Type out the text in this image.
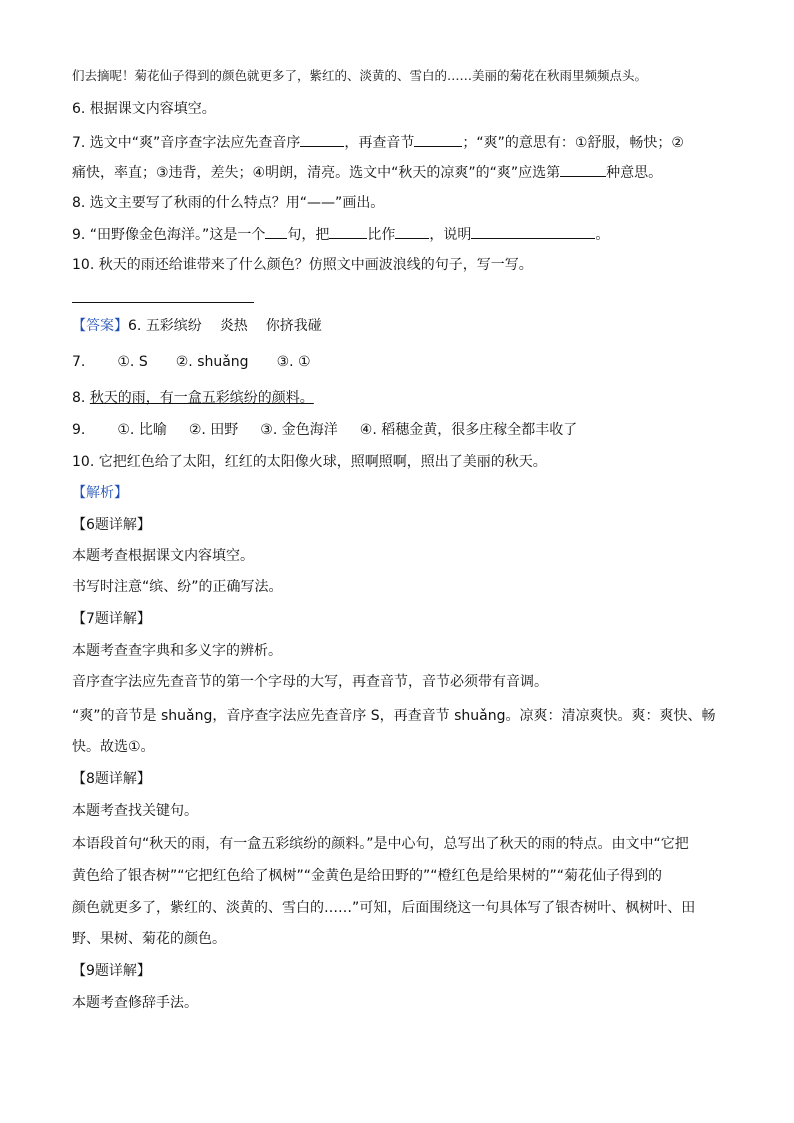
们去摘呢！菊花仙子得到的颜色就更多了，紫红的、淡黄的、雪白的……美丽的菊花在秋雨里频频点头。
6. 根据课文内容填空。
7. 选文中“爽”音序查字法应先查音序	，再查音节	；“爽”的意思有：①舒服，畅快；②
痛快，率直；③违背，差失；④明朗，清亮。选文中“秋天的凉爽”的“爽”应选第	种意思。
8. 选文主要写了秋雨的什么特点？用“——”画出。
9. “田野像金色海洋。”这是一个 句，把	比作 ，说明	。
10. 秋天的雨还给谁带来了什么颜色？仿照文中画波浪线的句子，写一写。
【答案】6. 五彩缤纷 炎热 你挤我碰
7. ①. S ②. shuǎng ③. ①
8. 秋天的雨，有一盒五彩缤纷的颜料。
9. ①. 比喻 ②. 田野 ③. 金色海洋 ④. 稻穗金黄，很多庄稼全都丰收了
10. 它把红色给了太阳，红红的太阳像火球，照啊照啊，照出了美丽的秋天。
【解析】
【6题详解】
本题考查根据课文内容填空。
书写时注意“缤、纷”的正确写法。
【7题详解】
本题考查查字典和多义字的辨析。
音序查字法应先查音节的第一个字母的大写，再查音节，音节必须带有音调。
“爽”的音节是 shuǎng，音序查字法应先查音序 S，再查音节 shuǎng。凉爽：清凉爽快。爽：爽快、畅
快。故选①。
【8题详解】
本题考查找关键句。
本语段首句“秋天的雨，有一盒五彩缤纷的颜料。”是中心句，总写出了秋天的雨的特点。由文中“它把
黄色给了银杏树”“它把红色给了枫树”“金黄色是给田野的”“橙红色是给果树的”“菊花仙子得到的
颜色就更多了，紫红的、淡黄的、雪白的……”可知，后面围绕这一句具体写了银杏树叶、枫树叶、田
野、果树、菊花的颜色。
【9题详解】
本题考查修辞手法。
